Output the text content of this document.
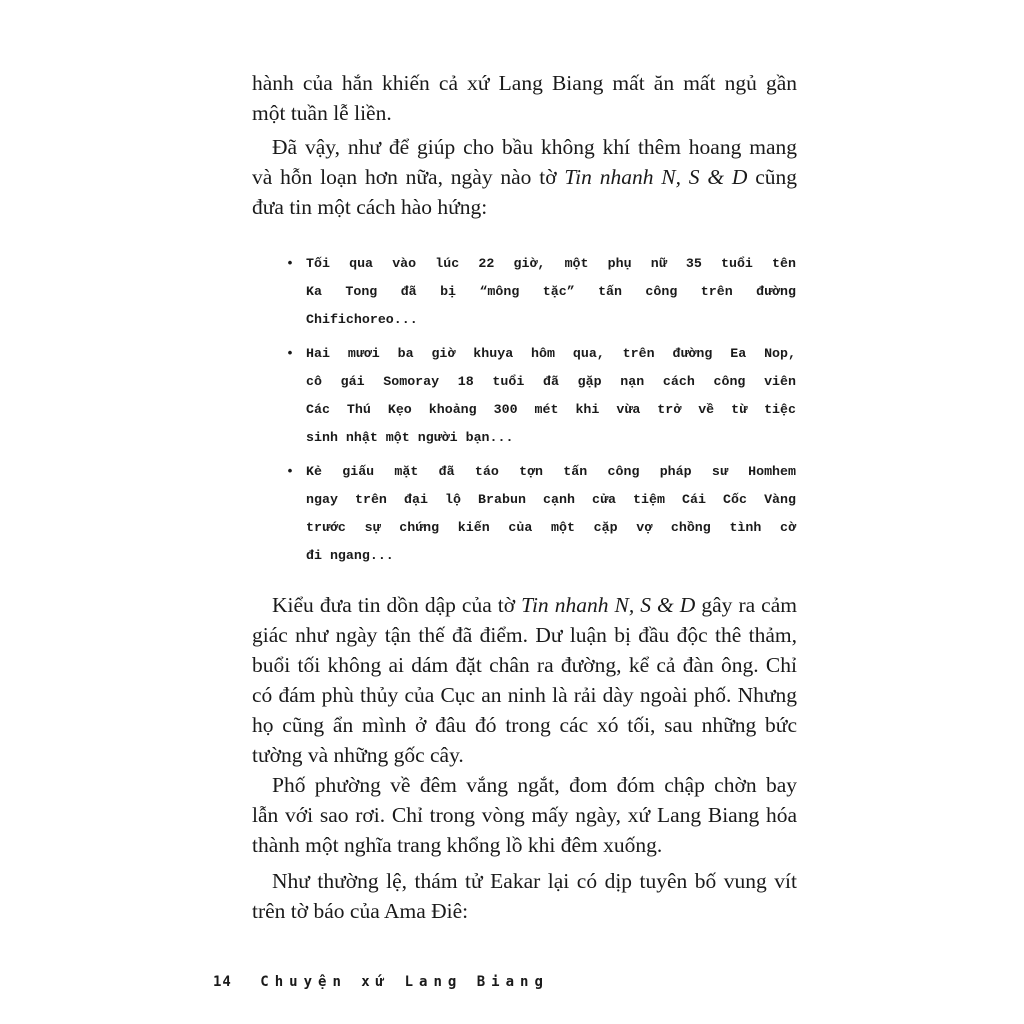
hành của hắn khiến cả xứ Lang Biang mất ăn mất ngủ gần
một tuần lễ liền.
Đã vậy, như để giúp cho bầu không khí thêm hoang mang
và hỗn loạn hơn nữa, ngày nào tờ Tin nhanh N, S & D cũng
đưa tin một cách hào hứng:
• Tối qua vào lúc 22 giờ, một phụ nữ 35 tuổi tên
Ka Tong đã bị “mông tặc” tấn công trên đường
Chifichoreo...
• Hai mươi ba giờ khuya hôm qua, trên đường Ea Nop,
cô gái Somoray 18 tuổi đã gặp nạn cách công viên
Các Thú Kẹo khoảng 300 mét khi vừa trở về từ tiệc
sinh nhật một người bạn...
• Kẻ giấu mặt đã táo tợn tấn công pháp sư Homhem
ngay trên đại lộ Brabun cạnh cửa tiệm Cái Cốc Vàng
trước sự chứng kiến của một cặp vợ chồng tình cờ
đi ngang...
Kiểu đưa tin dồn dập của tờ Tin nhanh N, S & D gây ra cảm
giác như ngày tận thế đã điểm. Dư luận bị đầu độc thê thảm,
buổi tối không ai dám đặt chân ra đường, kể cả đàn ông. Chỉ
có đám phù thủy của Cục an ninh là rải dày ngoài phố. Nhưng
họ cũng ẩn mình ở đâu đó trong các xó tối, sau những bức
tường và những gốc cây.
Phố phường về đêm vắng ngắt, đom đóm chập chờn bay
lẫn với sao rơi. Chỉ trong vòng mấy ngày, xứ Lang Biang hóa
thành một nghĩa trang khổng lồ khi đêm xuống.
Như thường lệ, thám tử Eakar lại có dịp tuyên bố vung vít
trên tờ báo của Ama Điê:
14 Chuyện xứ Lang Biang
